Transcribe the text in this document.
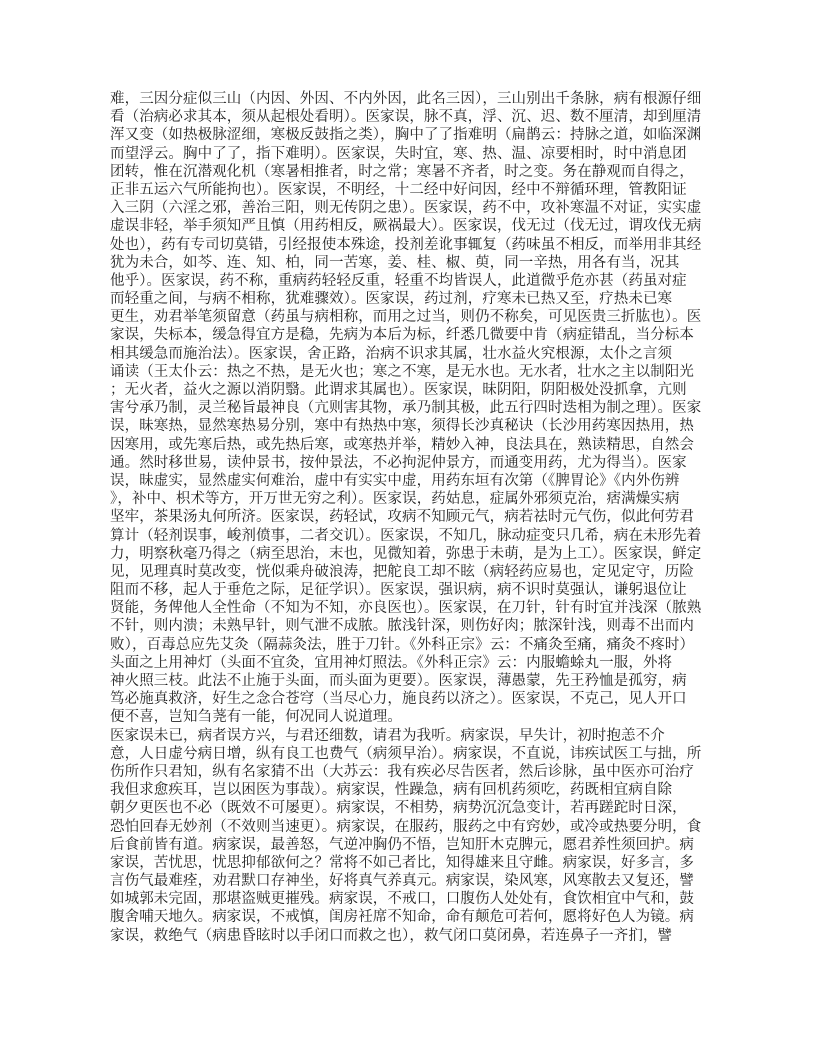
难，三因分症似三山（内因、外因、不内外因，此名三因），三山别出千条脉，病有根源仔细
看（治病必求其本，须从起根处看明）。医家误，脉不真，浮、沉、迟、数不厘清，却到厘清
浑又变（如热极脉涩细，寒极反鼓指之类），胸中了了指难明（扁鹊云：持脉之道，如临深渊
而望浮云。胸中了了，指下难明）。医家误，失时宜，寒、热、温、凉要相时，时中消息团
团转，惟在沉潜观化机（寒暑相推者，时之常；寒暑不齐者，时之变。务在静观而自得之，
正非五运六气所能拘也）。医家误，不明经，十二经中好问因，经中不辩循环理，管教阳证
入三阴（六淫之邪，善治三阳，则无传阴之患）。医家误，药不中，攻补寒温不对证，实实虚
虚误非轻，举手须知严且慎（用药相反，厥祸最大）。医家误，伐无过（伐无过，谓攻伐无病
处也），药有专司切莫错，引经报使本殊途，投剂差讹事辄复（药味虽不相反，而举用非其经
犹为未合，如芩、连、知、柏，同一苦寒，姜、桂、椒、萸，同一辛热，用各有当，况其
他乎）。医家误，药不称，重病药轻轻反重，轻重不均皆误人，此道微乎危亦甚（药虽对症
而轻重之间，与病不相称，犹难骤效）。医家误，药过剂，疗寒未已热又至，疗热未已寒
更生，劝君举笔须留意（药虽与病相称，而用之过当，则仍不称矣，可见医贵三折肱也）。医
家误，失标本，缓急得宜方是稳，先病为本后为标，纤悉几微要中肯（病症错乱，当分标本
相其缓急而施治法）。医家误，舍正路，治病不识求其属，壮水益火究根源，太仆之言须
诵读（王太仆云：热之不热，是无火也；寒之不寒，是无水也。无水者，壮水之主以制阳光
；无火者，益火之源以消阴翳。此谓求其属也）。医家误，昧阴阳，阴阳极处没抓拿，亢则
害兮承乃制，灵兰秘旨最神良（亢则害其物，承乃制其极，此五行四时迭相为制之理）。医家
误，昧寒热，显然寒热易分别，寒中有热热中寒，须得长沙真秘诀（长沙用药寒因热用，热
因寒用，或先寒后热，或先热后寒，或寒热并举，精妙入神，良法具在，熟读精思，自然会
通。然时移世易，读仲景书，按仲景法，不必拘泥仲景方，而通变用药，尤为得当）。医家
误，昧虚实，显然虚实何难治，虚中有实实中虚，用药东垣有次第（《脾胃论》《内外伤辨
》，补中、枳术等方，开万世无穷之利）。医家误，药姑息，症属外邪须克治，痞满燥实病
坚牢，茶果汤丸何所济。医家误，药轻试，攻病不知顾元气，病若祛时元气伤，似此何劳君
算计（轻剂误事，峻剂偾事，二者交讥）。医家误，不知几，脉动症变只几希，病在未形先着
力，明察秋毫乃得之（病至思治，末也，见微知着，弥患于未萌，是为上工）。医家误，鲜定
见，见理真时莫改变，恍似乘舟破浪涛，把舵良工却不眩（病轻药应易也，定见定守，历险
阻而不移，起人于垂危之际，足征学识）。医家误，强识病，病不识时莫强认，谦躬退位让
贤能，务俾他人全性命（不知为不知，亦良医也）。医家误，在刀针，针有时宜并浅深（脓熟
不针，则内溃；未熟早针，则气泄不成脓。脓浅针深，则伤好肉；脓深针浅，则毒不出而内
败），百毒总应先艾灸（隔蒜灸法，胜于刀针。《外科正宗》云：不痛灸至痛，痛灸不疼时）
头面之上用神灯（头面不宜灸，宜用神灯照法。《外科正宗》云：内服蟾蜍丸一服，外将
神火照三枝。此法不止施于头面，而头面为更要）。医家误，薄愚蒙，先王矜恤是孤穷，病
笃必施真救济，好生之念合苍穹（当尽心力，施良药以济之）。医家误，不克己，见人开口
便不喜，岂知刍荛有一能，何况同人说道理。
医家误未已，病者误方兴，与君还细数，请君为我听。病家误，早失计，初时抱恙不介
意，人日虚兮病日增，纵有良工也费气（病须早治）。病家误，不直说，讳疾试医工与拙，所
伤所作只君知，纵有名家猜不出（大苏云：我有疾必尽告医者，然后诊脉，虽中医亦可治疗
我但求愈疾耳，岂以困医为事哉）。病家误，性躁急，病有回机药须吃，药既相宜病自除
朝夕更医也不必（既效不可屡更）。病家误，不相势，病势沉沉急变计，若再蹉跎时日深，
恐怕回春无妙剂（不效则当速更）。病家误，在服药，服药之中有窍妙，或冷或热要分明，食
后食前皆有道。病家误，最善怒，气逆冲胸仍不悟，岂知肝木克脾元，愿君养性须回护。病
家误，苦忧思，忧思抑郁欲何之？常将不如己者比，知得雄来且守雌。病家误，好多言，多
言伤气最难痊，劝君默口存神坐，好将真气养真元。病家误，染风寒，风寒散去又复还，譬
如城郭未完固，那堪盗贼更摧残。病家误，不戒口，口腹伤人处处有，食饮相宜中气和，鼓
腹舍哺天地久。病家误，不戒慎，闺房衽席不知命，命有颠危可若何，愿将好色人为镜。病
家误，救绝气（病患昏眩时以手闭口而救之也），救气闭口莫闭鼻，若连鼻子一齐扪，譬
